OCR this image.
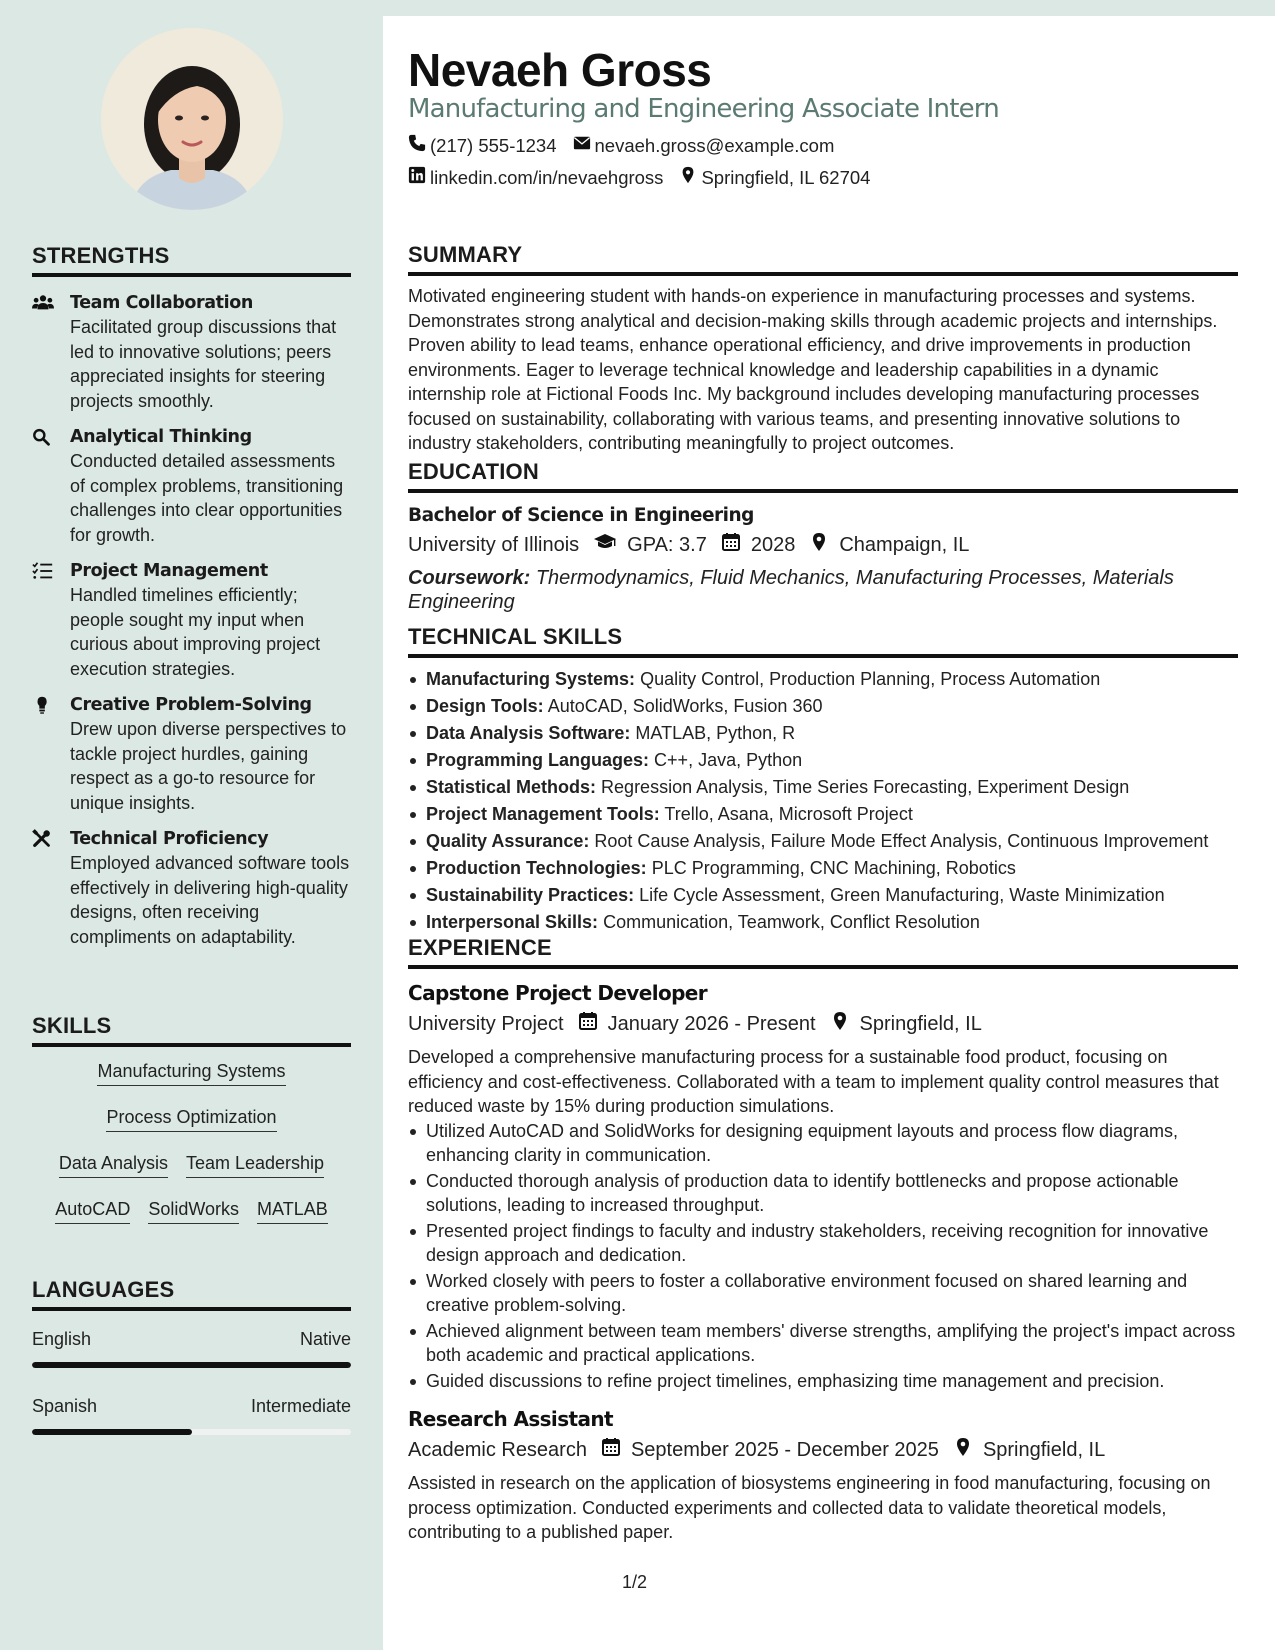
STRENGTHS
Team Collaboration
Facilitated group discussions that led to innovative solutions; peers appreciated insights for steering projects smoothly.
Analytical Thinking
Conducted detailed assessments of complex problems, transitioning challenges into clear opportunities for growth.
Project Management
Handled timelines efficiently; people sought my input when curious about improving project execution strategies.
Creative Problem-Solving
Drew upon diverse perspectives to tackle project hurdles, gaining respect as a go-to resource for unique insights.
Technical Proficiency
Employed advanced software tools effectively in delivering high-quality designs, often receiving compliments on adaptability.
SKILLS
Manufacturing Systems
Process Optimization
Data Analysis Team Leadership
AutoCAD SolidWorks MATLAB
LANGUAGES
English	Native
Spanish	Intermediate
Nevaeh Gross
Manufacturing and Engineering Associate Intern
(217) 555-1234 nevaeh.gross@example.com
linkedin.com/in/nevaehgross Springfield, IL 62704
SUMMARY

Motivated engineering student with hands-on experience in manufacturing processes and systems. Demonstrates strong analytical and decision-making skills through academic projects and internships. Proven ability to lead teams, enhance operational efficiency, and drive improvements in production environments. Eager to leverage technical knowledge and leadership capabilities in a dynamic internship role at Fictional Foods Inc. My background includes developing manufacturing processes focused on sustainability, collaborating with various teams, and presenting innovative solutions to industry stakeholders, contributing meaningfully to project outcomes.

EDUCATION
Bachelor of Science in Engineering
University of Illinois GPA: 3.7 2028 Champaign, IL
Coursework: Thermodynamics, Fluid Mechanics, Manufacturing Processes, Materials Engineering
TECHNICAL SKILLS
Manufacturing Systems: Quality Control, Production Planning, Process Automation
Design Tools: AutoCAD, SolidWorks, Fusion 360
Data Analysis Software: MATLAB, Python, R
Programming Languages: C++, Java, Python
Statistical Methods: Regression Analysis, Time Series Forecasting, Experiment Design
Project Management Tools: Trello, Asana, Microsoft Project
Quality Assurance: Root Cause Analysis, Failure Mode Effect Analysis, Continuous Improvement
Production Technologies: PLC Programming, CNC Machining, Robotics
Sustainability Practices: Life Cycle Assessment, Green Manufacturing, Waste Minimization
Interpersonal Skills: Communication, Teamwork, Conflict Resolution
EXPERIENCE
Capstone Project Developer
University Project January 2026 - Present Springfield, IL

Developed a comprehensive manufacturing process for a sustainable food product, focusing on efficiency and cost-effectiveness. Collaborated with a team to implement quality control measures that reduced waste by 15% during production simulations.

Utilized AutoCAD and SolidWorks for designing equipment layouts and process flow diagrams, enhancing clarity in communication.
Conducted thorough analysis of production data to identify bottlenecks and propose actionable solutions, leading to increased throughput.
Presented project findings to faculty and industry stakeholders, receiving recognition for innovative design approach and dedication.
Worked closely with peers to foster a collaborative environment focused on shared learning and creative problem-solving.
Achieved alignment between team members' diverse strengths, amplifying the project's impact across both academic and practical applications.
Guided discussions to refine project timelines, emphasizing time management and precision.
Research Assistant
Academic Research September 2025 - December 2025 Springfield, IL

Assisted in research on the application of biosystems engineering in food manufacturing, focusing on process optimization. Conducted experiments and collected data to validate theoretical models, contributing to a published paper.

1/2
